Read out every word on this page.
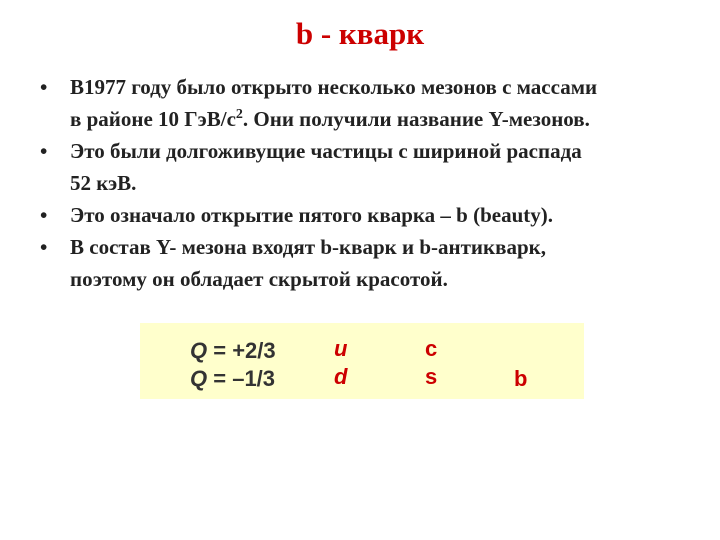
b - кварк
• В1977 году было открыто несколько мезонов с массами
в районе 10 ГэВ/$с^2$. Они получили название Υ-мезонов.
• Это были долгоживущие частицы с шириной распада
52 кэВ.
• Это означало открытие пятого кварка – b (beauty).
• В состав Υ- мезона входят b-кварк и b-антикварк,
поэтому он обладает скрытой красотой.
Q = +2/3	u	c
Q = –1/3	d	s	b
